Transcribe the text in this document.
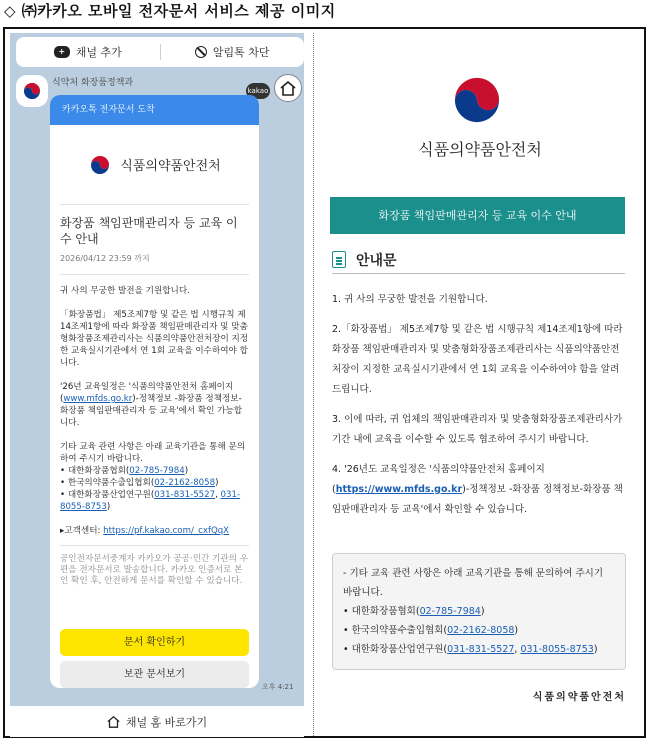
◇ ㈜카카오 모바일 전자문서 서비스 제공 이미지
+ 채널 추가	알림톡 차단
식약처 화장품정책과
kakao
카카오톡 전자문서 도착
식품의약품안전처
화장품 책임판매관리자 등 교육 이수 안내
2026/04/12 23:59 까지

귀 사의 무궁한 발전을 기원합니다.

「화장품법」 제5조제7항 및 같은 법 시행규칙 제14조제1항에 따라 화장품 책임판매관리자 및 맞춤형화장품조제관리사는 식품의약품안전처장이 지정한 교육실시기관에서 연 1회 교육을 이수하여야 합니다.

'26년 교육일정은 '식품의약품안전처 홈페이지(www.mfds.go.kr)-정책정보 -화장품 정책정보-화장품 책임판매관리자 등 교육'에서 확인 가능합니다.

기타 교육 관련 사항은 아래 교육기관을 통해 문의하여 주시기 바랍니다.
• 대한화장품협회(02-785-7984)
• 한국의약품수출입협회(02-2162-8058)
• 대한화장품산업연구원(031-831-5527, 031-8055-8753)
▸고객센터: https://pf.kakao.com/_cxfQqX
공인전자문서중계자 카카오가 공공·민간 기관의 우편을 전자문서로 발송합니다. 카카오 인증서로 본인 확인 후, 안전하게 문서를 확인할 수 있습니다.
문서 확인하기
보관 문서보기
오후 4:21
채널 홈 바로가기
식품의약품안전처
화장품 책임판매관리자 등 교육 이수 안내
안내문

1. 귀 사의 무궁한 발전을 기원합니다.

2.「화장품법」 제5조제7항 및 같은 법 시행규칙 제14조제1항에 따라 화장품 책임판매관리자 및 맞춤형화장품조제관리사는 식품의약품안전처장이 지정한 교육실시기관에서 연 1회 교육을 이수하여야 함을 알려드립니다.

3. 이에 따라, 귀 업체의 책임판매관리자 및 맞춤형화장품조제관리사가 기간 내에 교육을 이수할 수 있도록 협조하여 주시기 바랍니다.

4. '26년도 교육일정은 '식품의약품안전처 홈페이지(https://www.mfds.go.kr)-정책정보 -화장품 정책정보-화장품 책임판매관리자 등 교육'에서 확인할 수 있습니다.

- 기타 교육 관련 사항은 아래 교육기관을 통해 문의하여 주시기 바랍니다.
• 대한화장품협회(02-785-7984)
• 한국의약품수출입협회(02-2162-8058)
• 대한화장품산업연구원(031-831-5527, 031-8055-8753)
식품의약품안전처
